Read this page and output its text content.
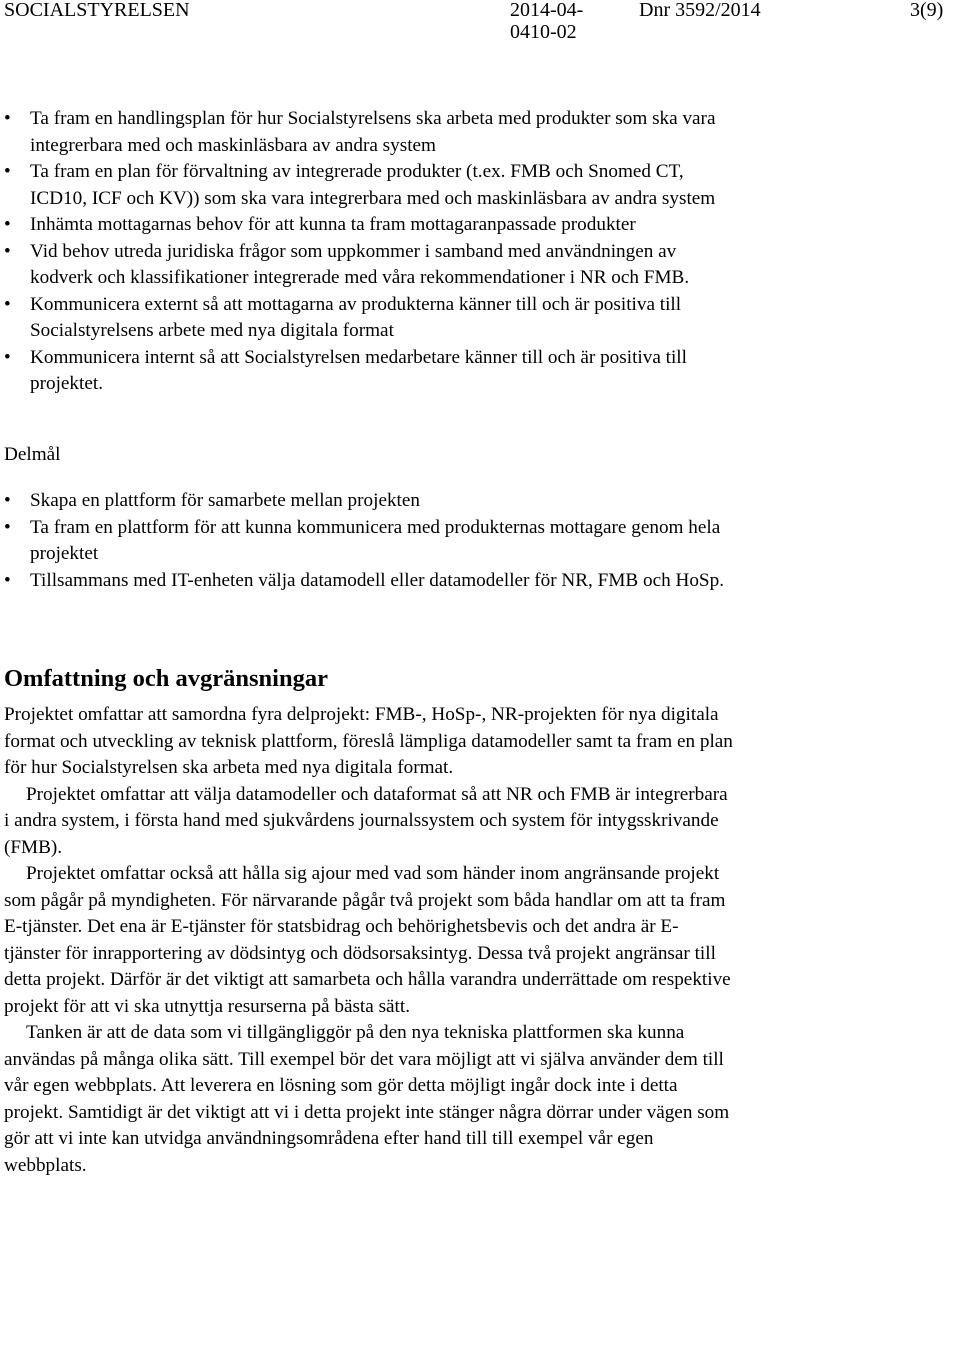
SOCIALSTYRELSEN	2014-04-0410-02
Dnr 3592/2014	3(9)
• Ta fram en handlingsplan för hur Socialstyrelsens ska arbeta med produkter som ska vara integrerbara med och maskinläsbara av andra system
• Ta fram en plan för förvaltning av integrerade produkter (t.ex. FMB och Snomed CT, ICD10, ICF och KV)) som ska vara integrerbara med och maskinläsbara av andra system
• Inhämta mottagarnas behov för att kunna ta fram mottagaranpassade produkter
• Vid behov utreda juridiska frågor som uppkommer i samband med användningen av kodverk och klassifikationer integrerade med våra rekommendationer i NR och FMB.
• Kommunicera externt så att mottagarna av produkterna känner till och är positiva till Socialstyrelsens arbete med nya digitala format
• Kommunicera internt så att Socialstyrelsen medarbetare känner till och är positiva till projektet.
Delmål
• Skapa en plattform för samarbete mellan projekten
• Ta fram en plattform för att kunna kommunicera med produkternas mottagare genom hela projektet
• Tillsammans med IT-enheten välja datamodell eller datamodeller för NR, FMB och HoSp.
Omfattning och avgränsningar

Projektet omfattar att samordna fyra delprojekt: FMB-, HoSp-, NR-projekten för nya digitala format och utveckling av teknisk plattform, föreslå lämpliga datamodeller samt ta fram en plan för hur Socialstyrelsen ska arbeta med nya digitala format.

Projektet omfattar att välja datamodeller och dataformat så att NR och FMB är integrerbara i andra system, i första hand med sjukvårdens journalssystem och system för intygsskrivande (FMB).

Projektet omfattar också att hålla sig ajour med vad som händer inom angränsande projekt som pågår på myndigheten. För närvarande pågår två projekt som båda handlar om att ta fram E-tjänster. Det ena är E-tjänster för statsbidrag och behörighetsbevis och det andra är E-tjänster för inrapportering av dödsintyg och dödsorsaksintyg. Dessa två projekt angränsar till detta projekt. Därför är det viktigt att samarbeta och hålla varandra underrättade om respektive projekt för att vi ska utnyttja resurserna på bästa sätt.

Tanken är att de data som vi tillgängliggör på den nya tekniska plattformen ska kunna användas på många olika sätt. Till exempel bör det vara möjligt att vi själva använder dem till vår egen webbplats. Att leverera en lösning som gör detta möjligt ingår dock inte i detta projekt. Samtidigt är det viktigt att vi i detta projekt inte stänger några dörrar under vägen som gör att vi inte kan utvidga användningsområdena efter hand till till exempel vår egen webbplats.
